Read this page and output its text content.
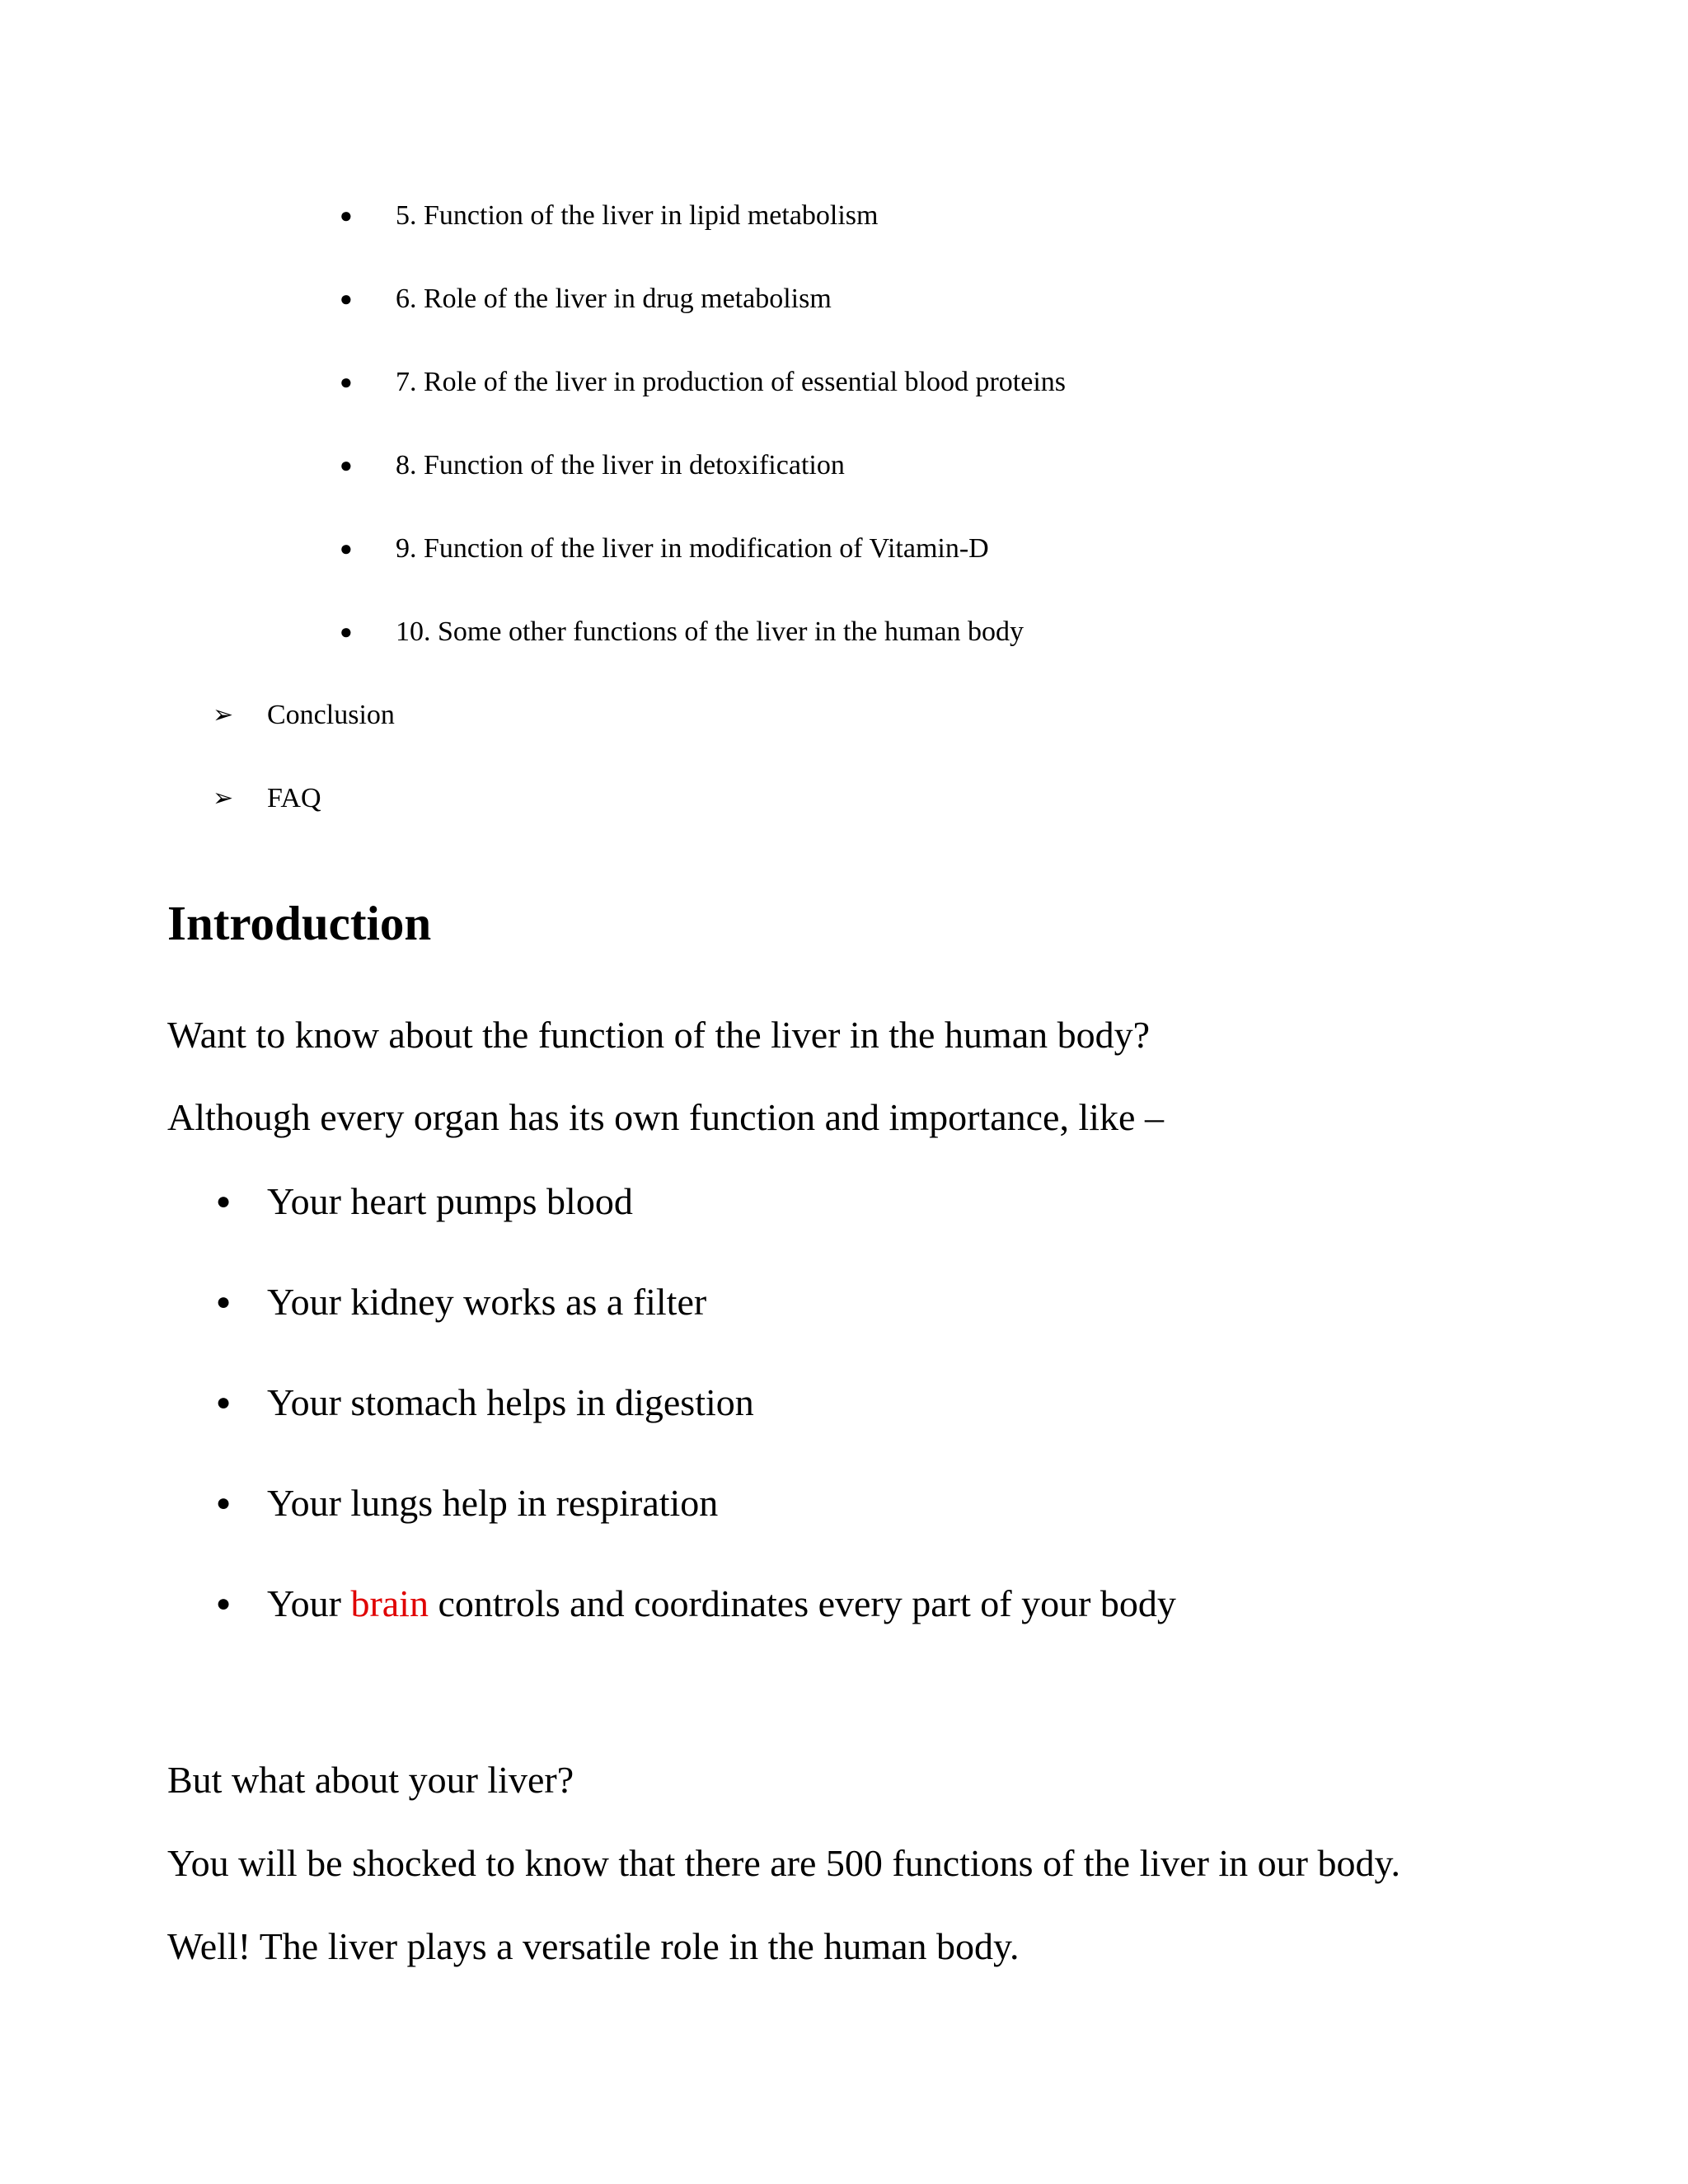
●	5. Function of the liver in lipid metabolism
●	6. Role of the liver in drug metabolism
●	7. Role of the liver in production of essential blood proteins
●	8. Function of the liver in detoxification
●	9. Function of the liver in modification of Vitamin-D
●	10. Some other functions of the liver in the human body
➢	Conclusion
➢	FAQ
Introduction

Want to know about the function of the liver in the human body?

Although every organ has its own function and importance, like –

● Your heart pumps blood
● Your kidney works as a filter
● Your stomach helps in digestion
● Your lungs help in respiration
● Your brain controls and coordinates every part of your body

But what about your liver?

You will be shocked to know that there are 500 functions of the liver in our body.

Well! The liver plays a versatile role in the human body.
